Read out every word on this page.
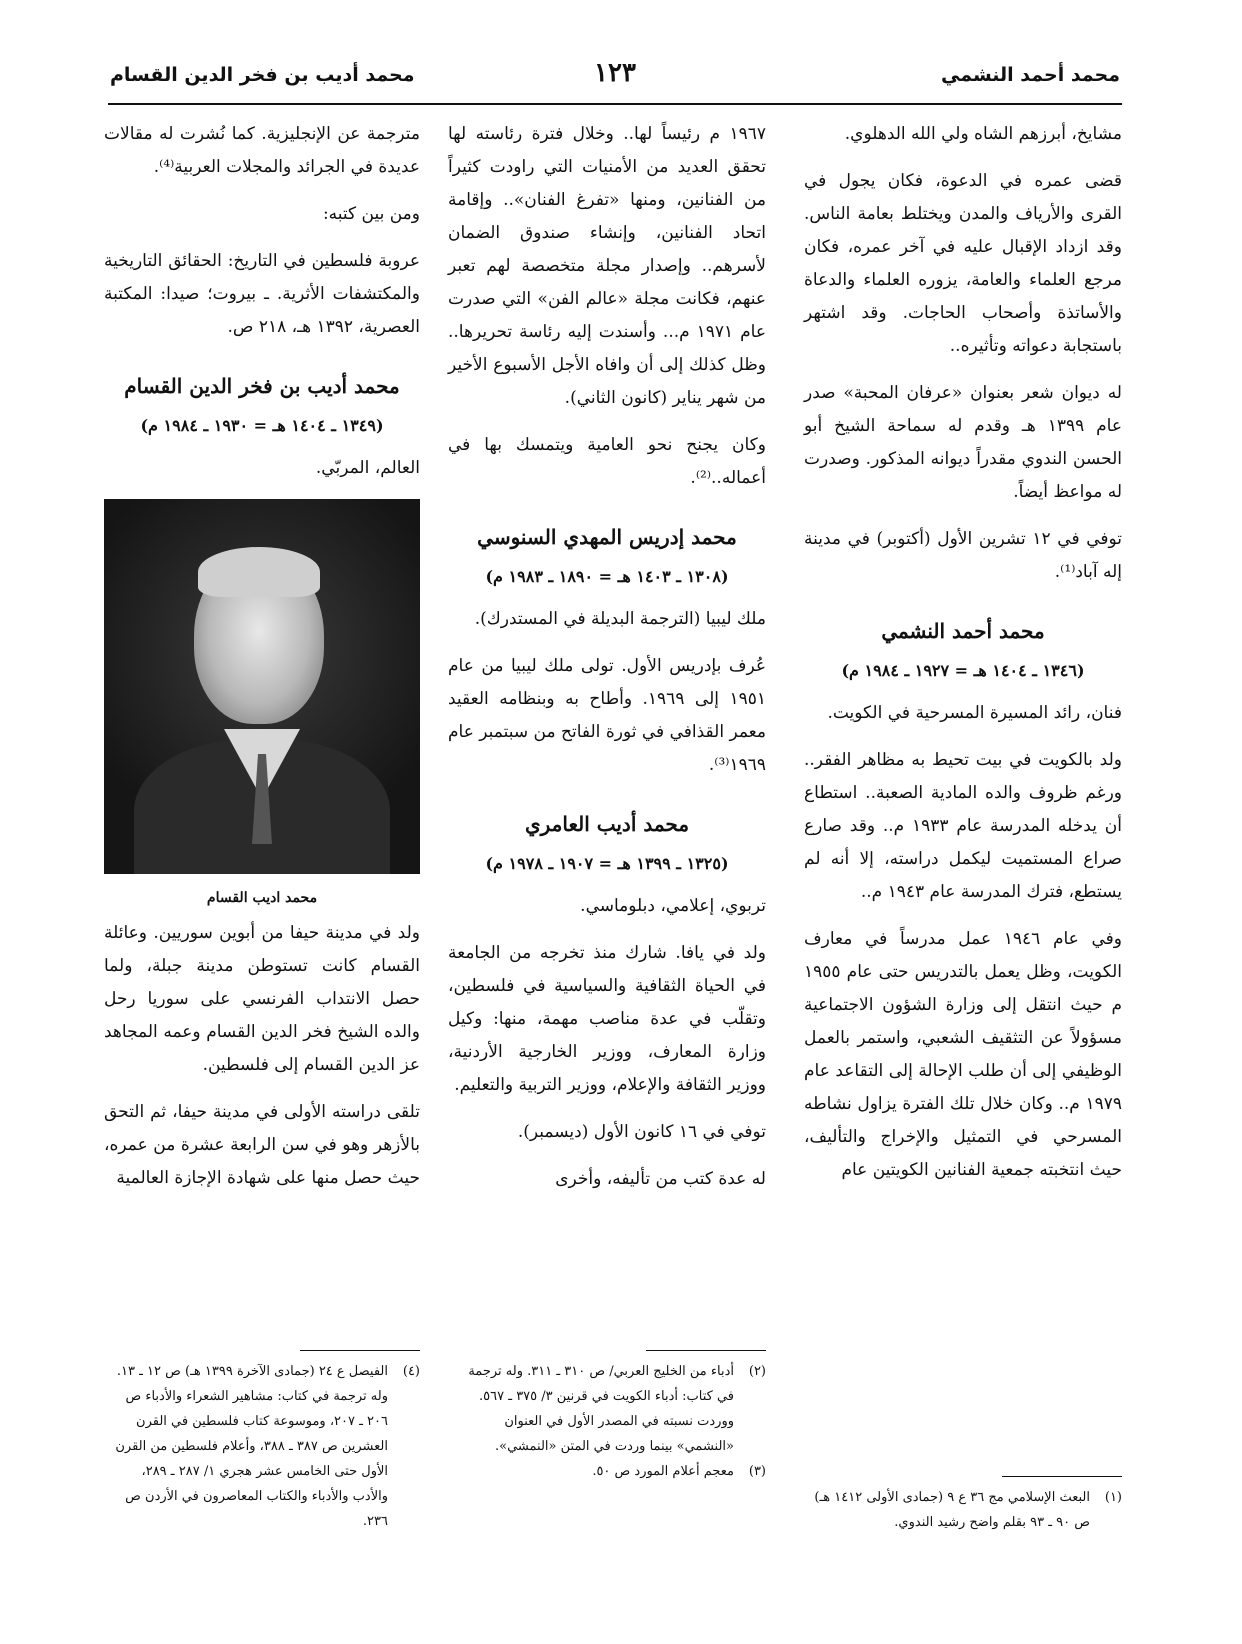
محمد أحمد النشمي
١٢٣
محمد أديب بن فخر الدين القسام

مشايخ، أبرزهم الشاه ولي الله الدهلوي.

قضى عمره في الدعوة، فكان يجول في القرى والأرياف والمدن ويختلط بعامة الناس. وقد ازداد الإقبال عليه في آخر عمره، فكان مرجع العلماء والعامة، يزوره العلماء والدعاة والأساتذة وأصحاب الحاجات. وقد اشتهر باستجابة دعواته وتأثيره..

له ديوان شعر بعنوان «عرفان المحبة» صدر عام ١٣٩٩ هـ وقدم له سماحة الشيخ أبو الحسن الندوي مقدراً ديوانه المذكور. وصدرت له مواعظ أيضاً.

توفي في ١٢ تشرين الأول (أكتوبر) في مدينة إله آباد⁽¹⁾.

محمد أحمد النشمي
(١٣٤٦ ـ ١٤٠٤ هـ = ١٩٢٧ ـ ١٩٨٤ م)

فنان، رائد المسيرة المسرحية في الكويت.

ولد بالكويت في بيت تحيط به مظاهر الفقر.. ورغم ظروف والده المادية الصعبة.. استطاع أن يدخله المدرسة عام ١٩٣٣ م.. وقد صارع صراع المستميت ليكمل دراسته، إلا أنه لم يستطع، فترك المدرسة عام ١٩٤٣ م..

وفي عام ١٩٤٦ عمل مدرساً في معارف الكويت، وظل يعمل بالتدريس حتى عام ١٩٥٥ م حيث انتقل إلى وزارة الشؤون الاجتماعية مسؤولاً عن التثقيف الشعبي، واستمر بالعمل الوظيفي إلى أن طلب الإحالة إلى التقاعد عام ١٩٧٩ م.. وكان خلال تلك الفترة يزاول نشاطه المسرحي في التمثيل والإخراج والتأليف، حيث انتخبته جمعية الفنانين الكويتين عام

١٩٦٧ م رئيساً لها.. وخلال فترة رئاسته لها تحقق العديد من الأمنيات التي راودت كثيراً من الفنانين، ومنها «تفرغ الفنان».. وإقامة اتحاد الفنانين، وإنشاء صندوق الضمان لأسرهم.. وإصدار مجلة متخصصة لهم تعبر عنهم، فكانت مجلة «عالم الفن» التي صدرت عام ١٩٧١ م... وأسندت إليه رئاسة تحريرها.. وظل كذلك إلى أن وافاه الأجل الأسبوع الأخير من شهر يناير (كانون الثاني).

وكان يجنح نحو العامية ويتمسك بها في أعماله..⁽²⁾.

محمد إدريس المهدي السنوسي
(١٣٠٨ ـ ١٤٠٣ هـ = ١٨٩٠ ـ ١٩٨٣ م)

ملك ليبيا (الترجمة البديلة في المستدرك).

عُرف بإدريس الأول. تولى ملك ليبيا من عام ١٩٥١ إلى ١٩٦٩. وأطاح به وبنظامه العقيد معمر القذافي في ثورة الفاتح من سبتمبر عام ١٩٦٩⁽³⁾.

محمد أديب العامري
(١٣٢٥ ـ ١٣٩٩ هـ = ١٩٠٧ ـ ١٩٧٨ م)

تربوي، إعلامي، دبلوماسي.

ولد في يافا. شارك منذ تخرجه من الجامعة في الحياة الثقافية والسياسية في فلسطين، وتقلّب في عدة مناصب مهمة، منها: وكيل وزارة المعارف، ووزير الخارجية الأردنية، ووزير الثقافة والإعلام، ووزير التربية والتعليم.

توفي في ١٦ كانون الأول (ديسمبر).

له عدة كتب من تأليفه، وأخرى

مترجمة عن الإنجليزية. كما نُشرت له مقالات عديدة في الجرائد والمجلات العربية⁽⁴⁾.

ومن بين كتبه:

عروبة فلسطين في التاريخ: الحقائق التاريخية والمكتشفات الأثرية. ـ بيروت؛ صيدا: المكتبة العصرية، ١٣٩٢ هـ، ٢١٨ ص.

محمد أديب بن فخر الدين القسام
(١٣٤٩ ـ ١٤٠٤ هـ = ١٩٣٠ ـ ١٩٨٤ م)

العالم، المربّي.

محمد اديب القسام

ولد في مدينة حيفا من أبوين سوريين. وعائلة القسام كانت تستوطن مدينة جبلة، ولما حصل الانتداب الفرنسي على سوريا رحل والده الشيخ فخر الدين القسام وعمه المجاهد عز الدين القسام إلى فلسطين.

تلقى دراسته الأولى في مدينة حيفا، ثم التحق بالأزهر وهو في سن الرابعة عشرة من عمره، حيث حصل منها على شهادة الإجازة العالمية

(١)
البعث الإسلامي مج ٣٦ ع ٩ (جمادى الأولى ١٤١٢ هـ) ص ٩٠ ـ ٩٣ بقلم واضح رشيد الندوي.
(٢)
أدباء من الخليج العربي/ ص ٣١٠ ـ ٣١١. وله ترجمة في كتاب: أدباء الكويت في قرنين ٣/ ٣٧٥ ـ ٥٦٧. ووردت نسبته في المصدر الأول في العنوان «النشمي» بينما وردت في المتن «النمشي».
(٣)
معجم أعلام المورد ص ٥٠.
(٤)
الفيصل ع ٢٤ (جمادى الآخرة ١٣٩٩ هـ) ص ١٢ ـ ١٣. وله ترجمة في كتاب: مشاهير الشعراء والأدباء ص ٢٠٦ ـ ٢٠٧، وموسوعة كتاب فلسطين في القرن العشرين ص ٣٨٧ ـ ٣٨٨، وأعلام فلسطين من القرن الأول حتى الخامس عشر هجري ١/ ٢٨٧ ـ ٢٨٩، والأدب والأدباء والكتاب المعاصرون في الأردن ص ٢٣٦.
